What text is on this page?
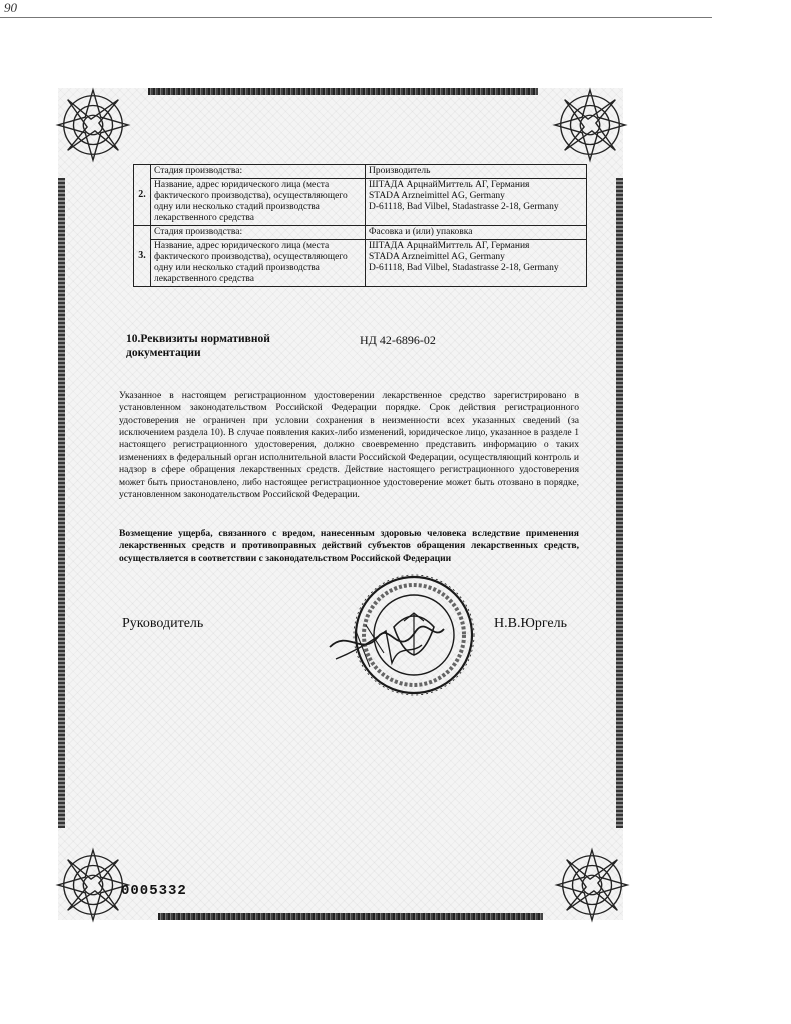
90
2.	Стадия производства:	Производитель
	Название, адрес юридического лица (места фактического производства), осуществляющего одну или несколько стадий производства лекарственного средства	ШТАДА АрцнайМиттель АГ, Германия
STADA Arzneimittel AG, Germany
D-61118, Bad Vilbel, Stadastrasse 2-18, Germany
3.	Стадия производства:	Фасовка и (или) упаковка
	Название, адрес юридического лица (места фактического производства), осуществляющего одну или несколько стадий производства лекарственного средства	ШТАДА АрцнайМиттель АГ, Германия
STADA Arzneimittel AG, Germany
D-61118, Bad Vilbel, Stadastrasse 2-18, Germany
10.Реквизиты нормативной документации
НД 42-6896-02

Указанное в настоящем регистрационном удостоверении лекарственное средство зарегистрировано в установленном законодательством Российской Федерации порядке. Срок действия регистрационного удостоверения не ограничен при условии сохранения в неизменности всех указанных сведений (за исключением раздела 10). В случае появления каких-либо изменений, юридическое лицо, указанное в разделе 1 настоящего регистрационного удостоверения, должно своевременно представить информацию о таких изменениях в федеральный орган исполнительной власти Российской Федерации, осуществляющий контроль и надзор в сфере обращения лекарственных средств. Действие настоящего регистрационного удостоверения может быть приостановлено, либо настоящее регистрационное удостоверение может быть отозвано в порядке, установленном законодательством Российской Федерации.

Возмещение ущерба, связанного с вредом, нанесенным здоровью человека вследствие применения лекарственных средств и противоправных действий субъектов обращения лекарственных средств, осуществляется в соответствии с законодательством Российской Федерации

Руководитель	Н.В.Юргель
0005332
